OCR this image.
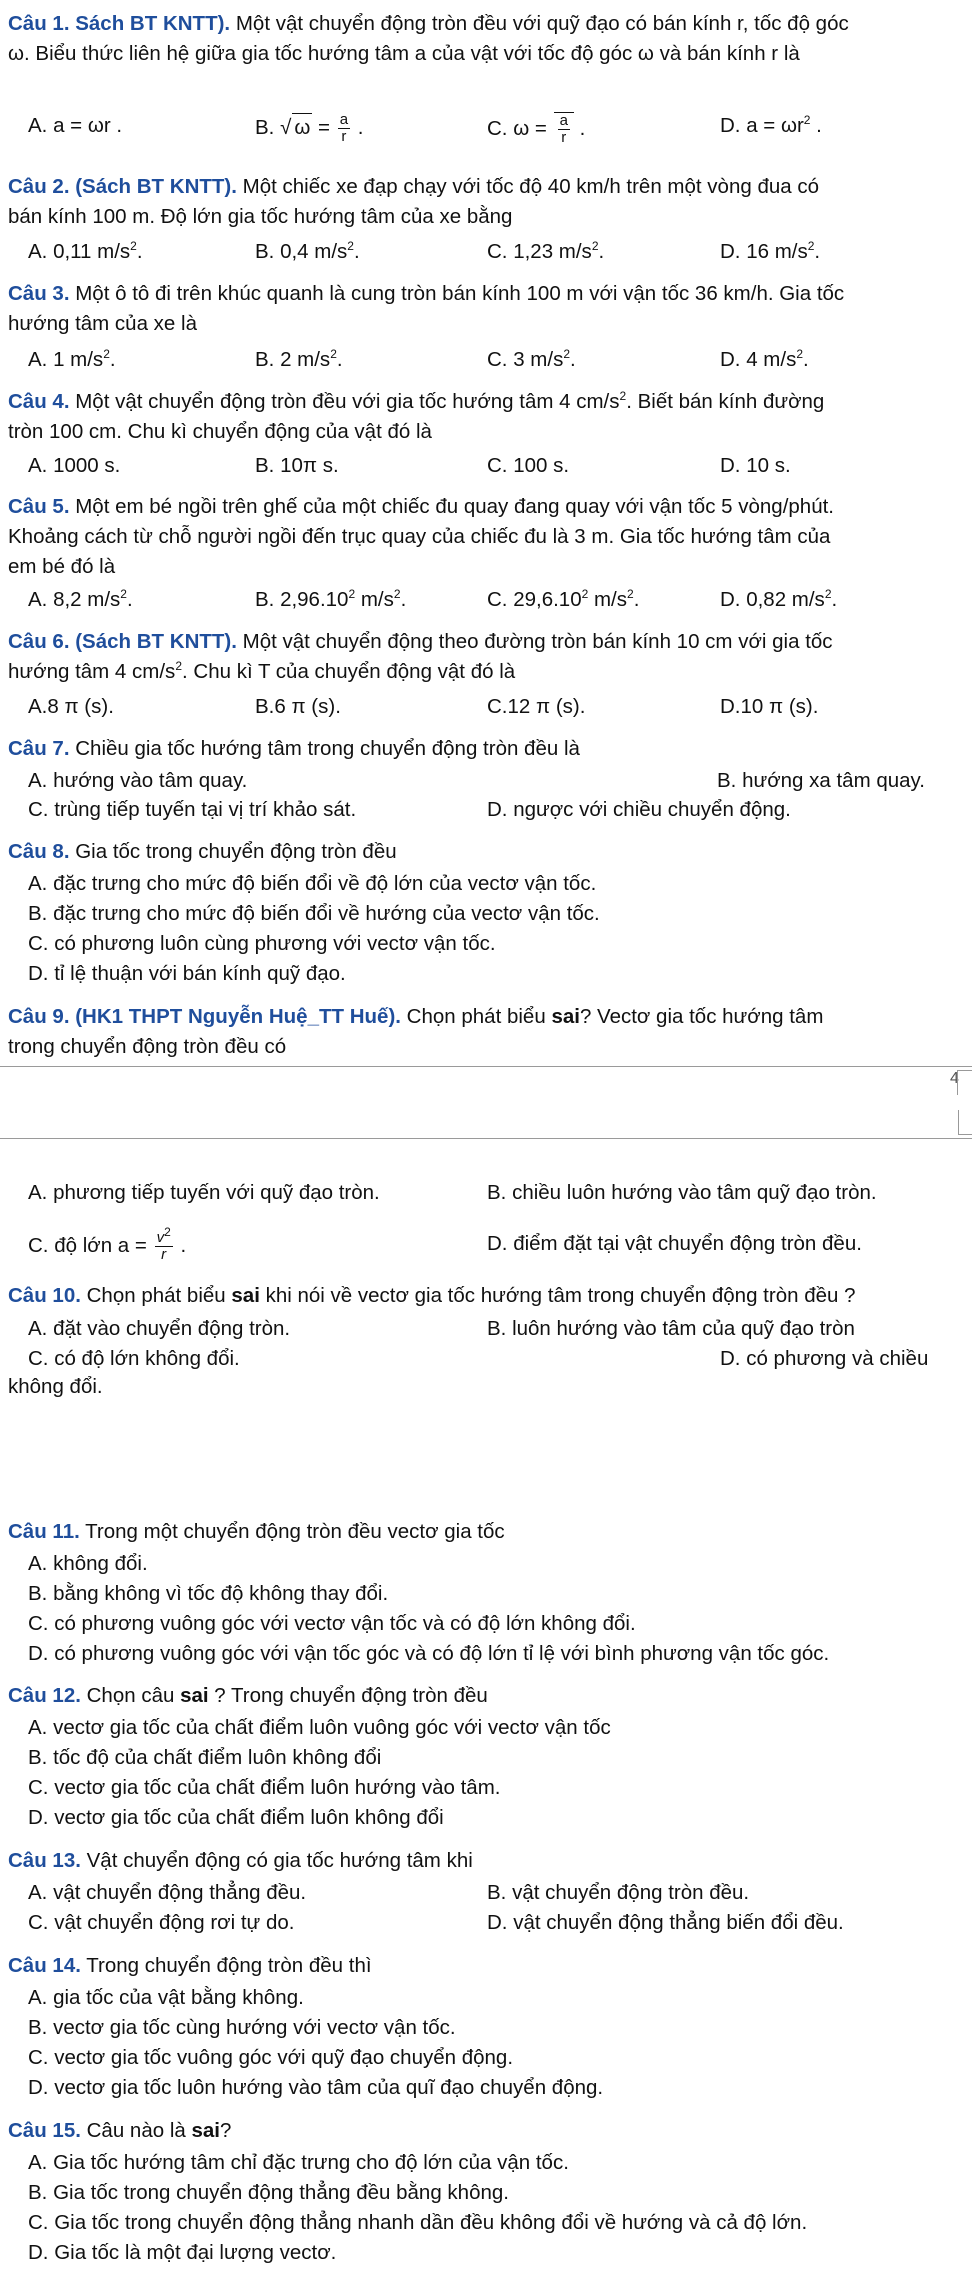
Câu 1. Sách BT KNTT). Một vật chuyển động tròn đều với quỹ đạo có bán kính r, tốc độ góc
ω. Biểu thức liên hệ giữa gia tốc hướng tâm a của vật với tốc độ góc ω và bán kính r là
A. a = ωr .	B. √ $\omega = \frac{a}{r}$ .	C. $\omega = \frac{a}{r}$ .	D. $a = \omega r^2$ .
Câu 2. (Sách BT KNTT). Một chiếc xe đạp chạy với tốc độ 40 km/h trên một vòng đua có
bán kính 100 m. Độ lớn gia tốc hướng tâm của xe bằng
A. 0,11 $m/s^2$.	B. 0,4 $m/s^2$.	C. 1,23 $m/s^2$.	D. 16 $m/s^2$.
Câu 3. Một ô tô đi trên khúc quanh là cung tròn bán kính 100 m với vận tốc 36 km/h. Gia tốc
hướng tâm của xe là
A. 1 $m/s^2$.	B. 2 $m/s^2$.	C. 3 $m/s^2$.	D. 4 $m/s^2$.
Câu 4. Một vật chuyển động tròn đều với gia tốc hướng tâm 4 $cm/s^2$. Biết bán kính đường
tròn 100 cm. Chu kì chuyển động của vật đó là
A. 1000 s.	B. 10π s.	C. 100 s.	D. 10 s.
Câu 5. Một em bé ngồi trên ghế của một chiếc đu quay đang quay với vận tốc 5 vòng/phút.
Khoảng cách từ chỗ người ngồi đến trục quay của chiếc đu là 3 m. Gia tốc hướng tâm của
em bé đó là
A. 8,2 $m/s^2$.	B. 2,96.10$^2$ $m/s^2$.	C. 29,6.10$^2$ $m/s^2$.	D. 0,82 $m/s^2$.
Câu 6. (Sách BT KNTT). Một vật chuyển động theo đường tròn bán kính 10 cm với gia tốc
hướng tâm 4 $cm/s^2$. Chu kì T của chuyển động vật đó là
A.8 π (s).	B.6 π (s).	C.12 π (s).	D.10 π (s).
Câu 7. Chiều gia tốc hướng tâm trong chuyển động tròn đều là
A. hướng vào tâm quay.	B. hướng xa tâm quay.
C. trùng tiếp tuyến tại vị trí khảo sát.	D. ngược với chiều chuyển động.
Câu 8. Gia tốc trong chuyển động tròn đều
A. đặc trưng cho mức độ biến đổi về độ lớn của vectơ vận tốc.
B. đặc trưng cho mức độ biến đổi về hướng của vectơ vận tốc.
C. có phương luôn cùng phương với vectơ vận tốc.
D. tỉ lệ thuận với bán kính quỹ đạo.
Câu 9. (HK1 THPT Nguyễn Huệ_TT Huế). Chọn phát biểu sai? Vectơ gia tốc hướng tâm
trong chuyển động tròn đều có
A. phương tiếp tuyến với quỹ đạo tròn.	B. chiều luôn hướng vào tâm quỹ đạo tròn.
C. độ lớn $a = \frac{v^2}{r}$ .	D. điểm đặt tại vật chuyển động tròn đều.
Câu 10. Chọn phát biểu sai khi nói về vectơ gia tốc hướng tâm trong chuyển động tròn đều ?
A. đặt vào chuyển động tròn.	B. luôn hướng vào tâm của quỹ đạo tròn
C. có độ lớn không đổi.	D. có phương và chiều
không đổi.
Câu 11. Trong một chuyển động tròn đều vectơ gia tốc
A. không đổi.
B. bằng không vì tốc độ không thay đổi.
C. có phương vuông góc với vectơ vận tốc và có độ lớn không đổi.
D. có phương vuông góc với vận tốc góc và có độ lớn tỉ lệ với bình phương vận tốc góc.
Câu 12. Chọn câu sai ? Trong chuyển động tròn đều
A. vectơ gia tốc của chất điểm luôn vuông góc với vectơ vận tốc
B. tốc độ của chất điểm luôn không đổi
C. vectơ gia tốc của chất điểm luôn hướng vào tâm.
D. vectơ gia tốc của chất điểm luôn không đổi
Câu 13. Vật chuyển động có gia tốc hướng tâm khi
A. vật chuyển động thẳng đều.	B. vật chuyển động tròn đều.
C. vật chuyển động rơi tự do.	D. vật chuyển động thẳng biến đổi đều.
Câu 14. Trong chuyển động tròn đều thì
A. gia tốc của vật bằng không.
B. vectơ gia tốc cùng hướng với vectơ vận tốc.
C. vectơ gia tốc vuông góc với quỹ đạo chuyển động.
D. vectơ gia tốc luôn hướng vào tâm của quĩ đạo chuyển động.
Câu 15. Câu nào là sai?
A. Gia tốc hướng tâm chỉ đặc trưng cho độ lớn của vận tốc.
B. Gia tốc trong chuyển động thẳng đều bằng không.
C. Gia tốc trong chuyển động thẳng nhanh dần đều không đổi về hướng và cả độ lớn.
D. Gia tốc là một đại lượng vectơ.
4
